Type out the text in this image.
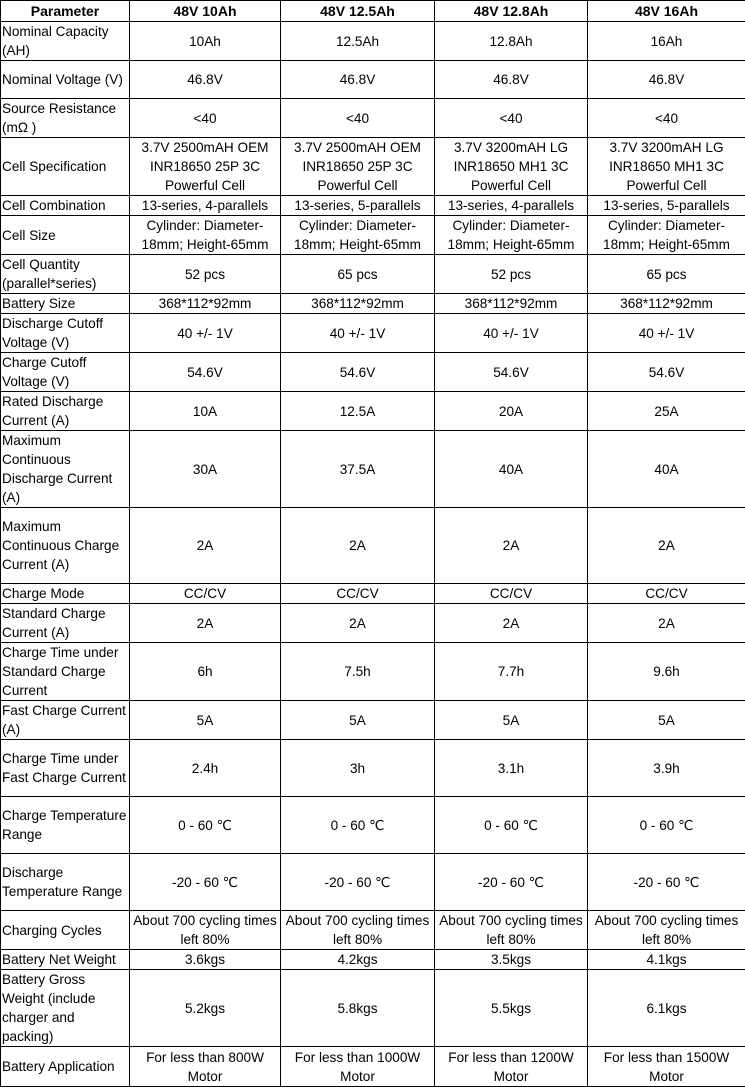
Parameter	48V 10Ah	48V 12.5Ah	48V 12.8Ah	48V 16Ah
Nominal Capacity (AH)	10Ah	12.5Ah	12.8Ah	16Ah
Nominal Voltage (V)	46.8V	46.8V	46.8V	46.8V
Source Resistance (mΩ )	<40	<40	<40	<40
Cell Specification	3.7V 2500mAH OEM INR18650 25P 3C Powerful Cell	3.7V 2500mAH OEM INR18650 25P 3C Powerful Cell	3.7V 3200mAH LG INR18650 MH1 3C Powerful Cell	3.7V 3200mAH LG INR18650 MH1 3C Powerful Cell
Cell Combination	13-series, 4-parallels	13-series, 5-parallels	13-series, 4-parallels	13-series, 5-parallels
Cell Size	Cylinder: Diameter-18mm; Height-65mm	Cylinder: Diameter-18mm; Height-65mm	Cylinder: Diameter-18mm; Height-65mm	Cylinder: Diameter-18mm; Height-65mm
Cell Quantity (parallel*series)	52 pcs	65 pcs	52 pcs	65 pcs
Battery Size	368*112*92mm	368*112*92mm	368*112*92mm	368*112*92mm
Discharge Cutoff Voltage (V)	40 +/- 1V	40 +/- 1V	40 +/- 1V	40 +/- 1V
Charge Cutoff Voltage (V)	54.6V	54.6V	54.6V	54.6V
Rated Discharge Current (A)	10A	12.5A	20A	25A
Maximum Continuous Discharge Current (A)	30A	37.5A	40A	40A
Maximum Continuous Charge Current (A)	2A	2A	2A	2A
Charge Mode	CC/CV	CC/CV	CC/CV	CC/CV
Standard Charge Current (A)	2A	2A	2A	2A
Charge Time under Standard Charge Current	6h	7.5h	7.7h	9.6h
Fast Charge Current (A)	5A	5A	5A	5A
Charge Time under Fast Charge Current	2.4h	3h	3.1h	3.9h
Charge Temperature Range	0 - 60 ℃	0 - 60 ℃	0 - 60 ℃	0 - 60 ℃
Discharge Temperature Range	-20 - 60 ℃	-20 - 60 ℃	-20 - 60 ℃	-20 - 60 ℃
Charging Cycles	About 700 cycling times left 80%	About 700 cycling times left 80%	About 700 cycling times left 80%	About 700 cycling times left 80%
Battery Net Weight	3.6kgs	4.2kgs	3.5kgs	4.1kgs
Battery Gross Weight (include charger and packing)	5.2kgs	5.8kgs	5.5kgs	6.1kgs
Battery Application	For less than 800W Motor	For less than 1000W Motor	For less than 1200W Motor	For less than 1500W Motor
